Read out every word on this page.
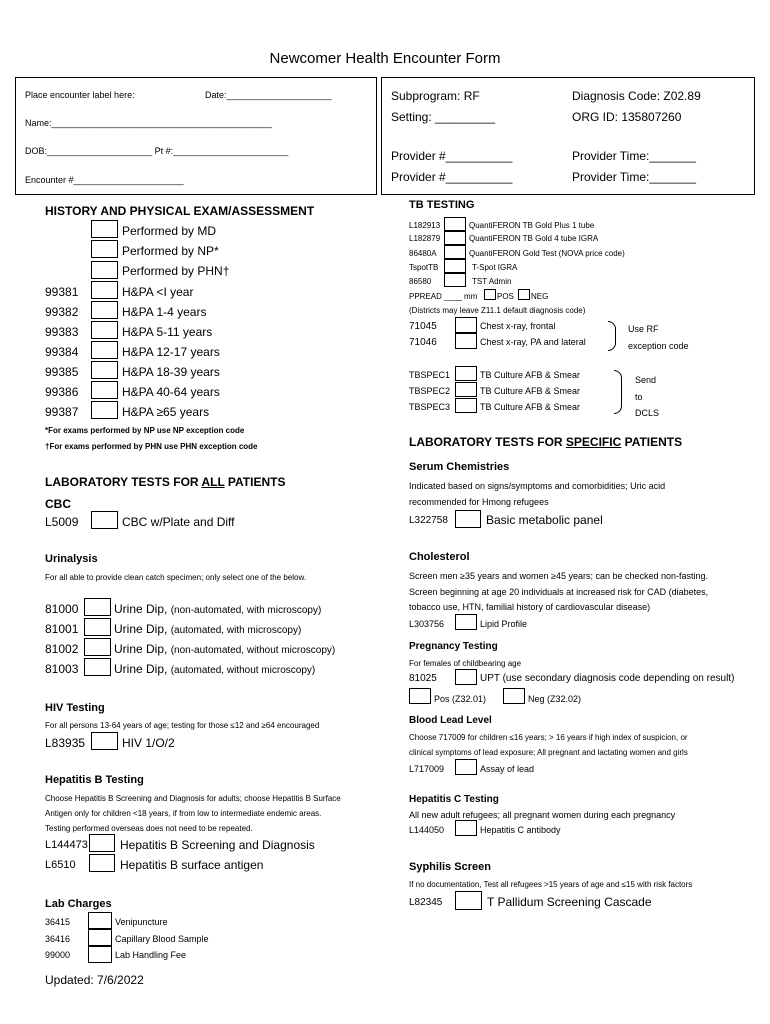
Newcomer Health Encounter Form
Place encounter label here:	Date:_____________________
Name:____________________________________________
DOB:_____________________ Pt #:_______________________
Encounter #______________________
Subprogram: RF	Diagnosis Code: Z02.89
Setting: _________	ORG ID: 135807260
Provider #__________	Provider Time:_______
Provider #__________	Provider Time:_______
HISTORY AND PHYSICAL EXAM/ASSESSMENT
Performed by MD
Performed by NP*
Performed by PHN†
99381	H&PA <I year
99382	H&PA 1-4 years
99383	H&PA 5-11 years
99384	H&PA 12-17 years
99385	H&PA 18-39 years
99386	H&PA 40-64 years
99387	H&PA ≥65 years
*For exams performed by NP use NP exception code
†For exams performed by PHN use PHN exception code
LABORATORY TESTS FOR ALL PATIENTS
CBC
L5009	CBC w/Plate and Diff
Urinalysis
For all able to provide clean catch specimen; only select one of the below.
81000	Urine Dip, (non-automated, with microscopy)
81001	Urine Dip, (automated, with microscopy)
81002	Urine Dip, (non-automated, without microscopy)
81003	Urine Dip, (automated, without microscopy)
HIV Testing
For all persons 13-64 years of age; testing for those ≤12 and ≥64 encouraged
L83935	HIV 1/O/2
Hepatitis B Testing
Choose Hepatitis B Screening and Diagnosis for adults; choose Hepatitis B Surface
Antigen only for children <18 years, if from low to intermediate endemic areas.
Testing performed overseas does not need to be repeated.
L144473	Hepatitis B Screening and Diagnosis
L6510	Hepatitis B surface antigen
Lab Charges
36415	Venipuncture
36416	Capillary Blood Sample
99000	Lab Handling Fee
Updated: 7/6/2022
TB TESTING
L182913	QuantiFERON TB Gold Plus 1 tube
L182879	QuantiFERON TB Gold 4 tube IGRA
86480A	QuantiFERON Gold Test (NOVA price code)
TspotTB	T-Spot IGRA
86580	TST Admin
PPREAD ____ mm POS NEG
(Districts may leave Z11.1 default diagnosis code)
71045	Chest x-ray, frontal
71046	Chest x-ray, PA and lateral
Use RF
exception code
TBSPEC1	TB Culture AFB & Smear
TBSPEC2	TB Culture AFB & Smear
TBSPEC3	TB Culture AFB & Smear
Send
to
DCLS
LABORATORY TESTS FOR SPECIFIC PATIENTS
Serum Chemistries
Indicated based on signs/symptoms and comorbidities; Uric acid
recommended for Hmong refugees
L322758	Basic metabolic panel
Cholesterol
Screen men ≥35 years and women ≥45 years; can be checked non-fasting.
Screen beginning at age 20 individuals at increased risk for CAD (diabetes,
tobacco use, HTN, familial history of cardiovascular disease)
L303756	Lipid Profile
Pregnancy Testing
For females of childbearing age
81025	UPT (use secondary diagnosis code depending on result)
Pos (Z32.01)	Neg (Z32.02)
Blood Lead Level
Choose 717009 for children ≤16 years; > 16 years if high index of suspicion, or
clinical symptoms of lead exposure; All pregnant and lactating women and girls
L717009	Assay of lead
Hepatitis C Testing
All new adult refugees; all pregnant women during each pregnancy
L144050	Hepatitis C antibody
Syphilis Screen
If no documentation, Test all refugees >15 years of age and ≤15 with risk factors
L82345	T Pallidum Screening Cascade
